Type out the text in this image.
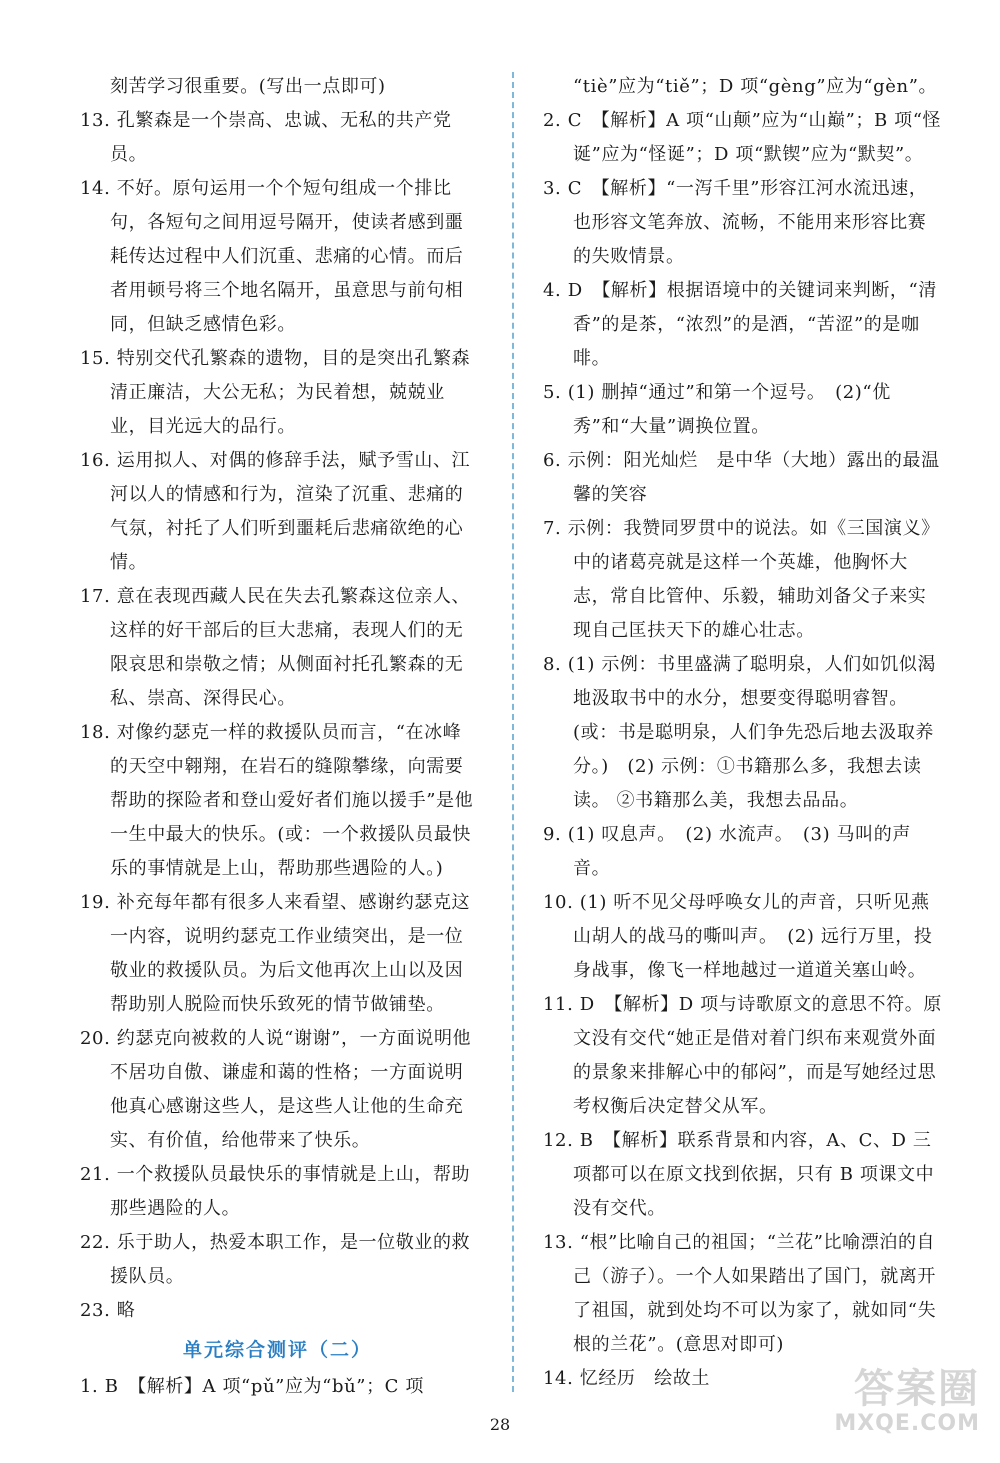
刻苦学习很重要。(写出一点即可)

13. 孔繁森是一个崇高、忠诚、无私的共产党员。

14. 不好。原句运用一个个短句组成一个排比句，各短句之间用逗号隔开，使读者感到噩耗传达过程中人们沉重、悲痛的心情。而后者用顿号将三个地名隔开，虽意思与前句相同，但缺乏感情色彩。

15. 特别交代孔繁森的遗物，目的是突出孔繁森清正廉洁，大公无私；为民着想，兢兢业业，目光远大的品行。

16. 运用拟人、对偶的修辞手法，赋予雪山、江河以人的情感和行为，渲染了沉重、悲痛的气氛，衬托了人们听到噩耗后悲痛欲绝的心情。

17. 意在表现西藏人民在失去孔繁森这位亲人、这样的好干部后的巨大悲痛，表现人们的无限哀思和崇敬之情；从侧面衬托孔繁森的无私、崇高、深得民心。

18. 对像约瑟克一样的救援队员而言，“在冰峰的天空中翱翔，在岩石的缝隙攀缘，向需要帮助的探险者和登山爱好者们施以援手”是他一生中最大的快乐。(或：一个救援队员最快乐的事情就是上山，帮助那些遇险的人。)

19. 补充每年都有很多人来看望、感谢约瑟克这一内容，说明约瑟克工作业绩突出，是一位敬业的救援队员。为后文他再次上山以及因帮助别人脱险而快乐致死的情节做铺垫。

20. 约瑟克向被救的人说“谢谢”，一方面说明他不居功自傲、谦虚和蔼的性格；一方面说明他真心感谢这些人，是这些人让他的生命充实、有价值，给他带来了快乐。

21. 一个救援队员最快乐的事情就是上山，帮助那些遇险的人。

22. 乐于助人，热爱本职工作，是一位敬业的救援队员。

23. 略

单元综合测评（二）

1. B　【解析】A 项“pǔ”应为“bǔ”；C 项

“tiè”应为“tiě”；D 项“gèng”应为“gèn”。

2. C　【解析】A 项“山颠”应为“山巅”；B 项“怪诞”应为“怪诞”；D 项“默锲”应为“默契”。

3. C　【解析】“一泻千里”形容江河水流迅速，也形容文笔奔放、流畅，不能用来形容比赛的失败情景。

4. D　【解析】根据语境中的关键词来判断，“清香”的是茶，“浓烈”的是酒，“苦涩”的是咖啡。

5. (1) 删掉“通过”和第一个逗号。　(2)“优秀”和“大量”调换位置。

6. 示例：阳光灿烂　是中华（大地）露出的最温馨的笑容

7. 示例：我赞同罗贯中的说法。如《三国演义》中的诸葛亮就是这样一个英雄，他胸怀大志，常自比管仲、乐毅，辅助刘备父子来实现自己匡扶天下的雄心壮志。

8. (1) 示例：书里盛满了聪明泉，人们如饥似渴地汲取书中的水分，想要变得聪明睿智。(或：书是聪明泉，人们争先恐后地去汲取养分。)　(2) 示例：①书籍那么多，我想去读读。 ②书籍那么美，我想去品品。

9. (1) 叹息声。　(2) 水流声。　(3) 马叫的声音。

10. (1) 听不见父母呼唤女儿的声音，只听见燕山胡人的战马的嘶叫声。　(2) 远行万里，投身战事，像飞一样地越过一道道关塞山岭。

11. D　【解析】D 项与诗歌原文的意思不符。原文没有交代“她正是借对着门织布来观赏外面的景象来排解心中的郁闷”，而是写她经过思考权衡后决定替父从军。

12. B　【解析】联系背景和内容，A、C、D 三项都可以在原文找到依据，只有 B 项课文中没有交代。

13. “根”比喻自己的祖国；“兰花”比喻漂泊的自己（游子）。一个人如果踏出了国门，就离开了祖国，就到处均不可以为家了，就如同“失根的兰花”。(意思对即可)

14. 忆经历　绘故土

28
答案圈
MXQE.COM
